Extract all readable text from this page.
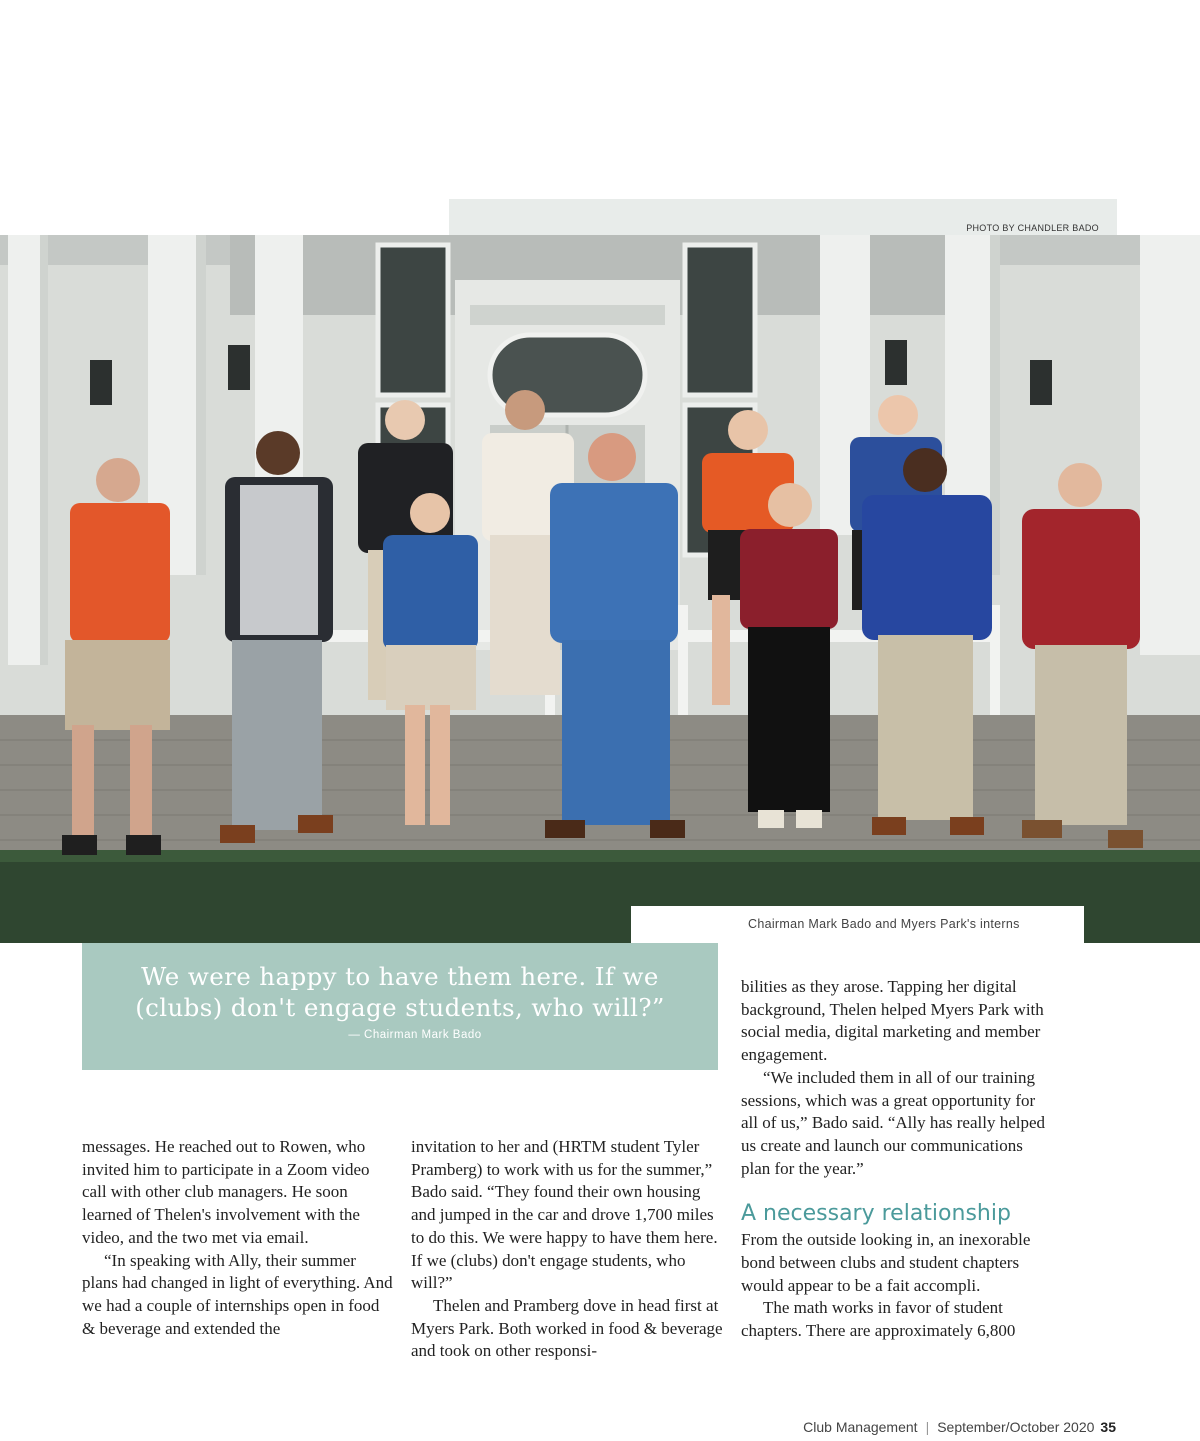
PHOTO BY CHANDLER BADO
Chairman Mark Bado and Myers Park's interns

We were happy to have them here. If we (clubs) don't engage students, who will?”

— Chairman Mark Bado

messages. He reached out to Rowen, who invited him to participate in a Zoom video call with other club managers. He soon learned of Thelen's involvement with the video, and the two met via email.

“In speaking with Ally, their summer plans had changed in light of everything. And we had a couple of internships open in food & beverage and extended the

invitation to her and (HRTM student Tyler Pramberg) to work with us for the summer,” Bado said. “They found their own housing and jumped in the car and drove 1,700 miles to do this. We were happy to have them here. If we (clubs) don't engage students, who will?”

Thelen and Pramberg dove in head first at Myers Park. Both worked in food & beverage and took on other responsi-

bilities as they arose. Tapping her digital background, Thelen helped Myers Park with social media, digital marketing and member engagement.

“We included them in all of our training sessions, which was a great opportunity for all of us,” Bado said. “Ally has really helped us create and launch our communications plan for the year.”

A necessary relationship

From the outside looking in, an inexorable bond between clubs and student chapters would appear to be a fait accompli.

The math works in favor of student chapters. There are approximately 6,800

Club Management | September/October 2020 35
